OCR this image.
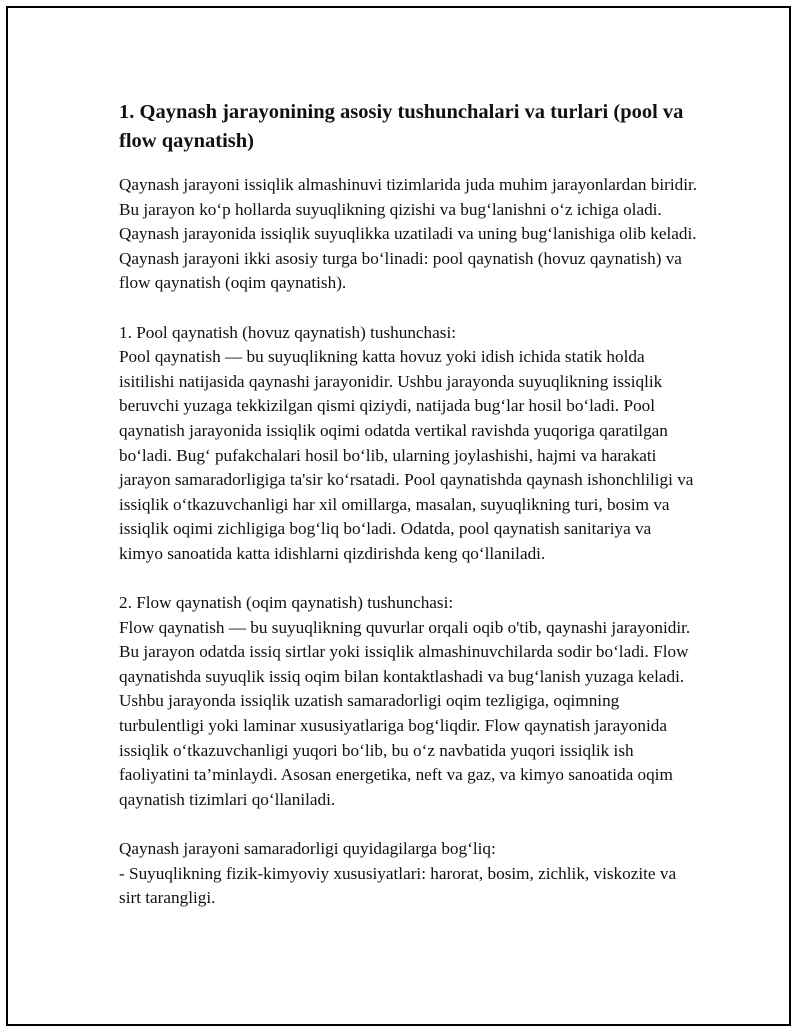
1. Qaynash jarayonining asosiy tushunchalari va turlari (pool va flow qaynatish)

Qaynash jarayoni issiqlik almashinuvi tizimlarida juda muhim jarayonlardan biridir. Bu jarayon ko‘p hollarda suyuqlikning qizishi va bug‘lanishni o‘z ichiga oladi. Qaynash jarayonida issiqlik suyuqlikka uzatiladi va uning bug‘lanishiga olib keladi. Qaynash jarayoni ikki asosiy turga bo‘linadi: pool qaynatish (hovuz qaynatish) va flow qaynatish (oqim qaynatish).

1. Pool qaynatish (hovuz qaynatish) tushunchasi:

Pool qaynatish — bu suyuqlikning katta hovuz yoki idish ichida statik holda isitilishi natijasida qaynashi jarayonidir. Ushbu jarayonda suyuqlikning issiqlik beruvchi yuzaga tekkizilgan qismi qiziydi, natijada bug‘lar hosil bo‘ladi. Pool qaynatish jarayonida issiqlik oqimi odatda vertikal ravishda yuqoriga qaratilgan bo‘ladi. Bug‘ pufakchalari hosil bo‘lib, ularning joylashishi, hajmi va harakati jarayon samaradorligiga ta'sir ko‘rsatadi. Pool qaynatishda qaynash ishonchliligi va issiqlik o‘tkazuvchanligi har xil omillarga, masalan, suyuqlikning turi, bosim va issiqlik oqimi zichligiga bog‘liq bo‘ladi. Odatda, pool qaynatish sanitariya va kimyo sanoatida katta idishlarni qizdirishda keng qo‘llaniladi.

2. Flow qaynatish (oqim qaynatish) tushunchasi:

Flow qaynatish — bu suyuqlikning quvurlar orqali oqib o'tib, qaynashi jarayonidir. Bu jarayon odatda issiq sirtlar yoki issiqlik almashinuvchilarda sodir bo‘ladi. Flow qaynatishda suyuqlik issiq oqim bilan kontaktlashadi va bug‘lanish yuzaga keladi. Ushbu jarayonda issiqlik uzatish samaradorligi oqim tezligiga, oqimning turbulentligi yoki laminar xususiyatlariga bog‘liqdir. Flow qaynatish jarayonida issiqlik o‘tkazuvchanligi yuqori bo‘lib, bu o‘z navbatida yuqori issiqlik ish faoliyatini ta’minlaydi. Asosan energetika, neft va gaz, va kimyo sanoatida oqim qaynatish tizimlari qo‘llaniladi.

Qaynash jarayoni samaradorligi quyidagilarga bog‘liq:

- Suyuqlikning fizik-kimyoviy xususiyatlari: harorat, bosim, zichlik, viskozite va sirt tarangligi.
